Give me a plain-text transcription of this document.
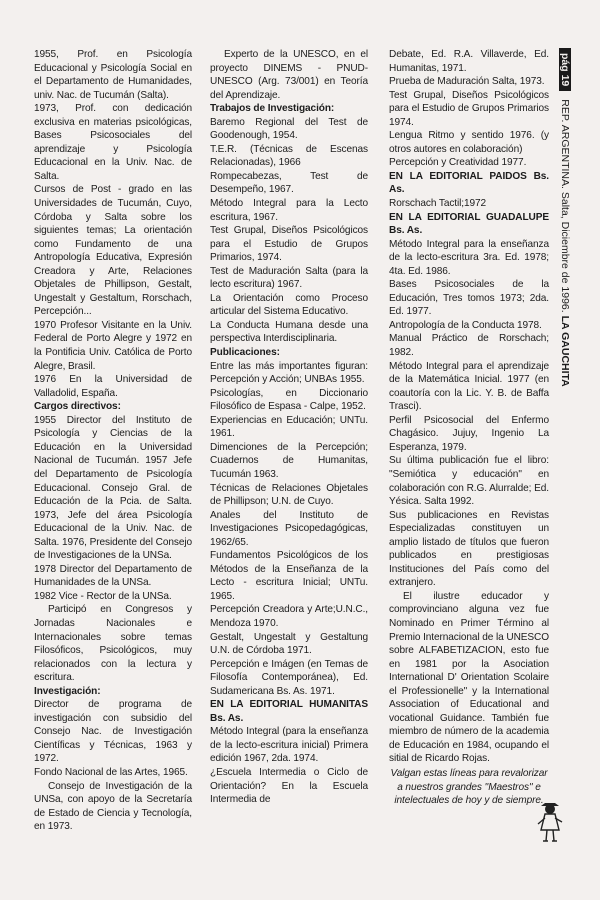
1955, Prof. en Psicología Educacional y Psicología Social en el Departamento de Humanidades, univ. Nac. de Tucumán (Salta).

1973, Prof. con dedicación exclusiva en materias psicológicas, Bases Psicosociales del aprendizaje y Psicología Educacional en la Univ. Nac. de Salta.

Cursos de Post - grado en las Universidades de Tucumán, Cuyo, Córdoba y Salta sobre los siguientes temas; La orientación como Fundamento de una Antropología Educativa, Expresión Creadora y Arte, Relaciones Objetales de Phillipson, Gestalt, Ungestalt y Gestaltum, Rorschach, Percepción...

1970 Profesor Visitante en la Univ. Federal de Porto Alegre y 1972 en la Pontificia Univ. Católica de Porto Alegre, Brasil.

1976 En la Universidad de Valladolid, España.

Cargos directivos:

1955 Director del Instituto de Psicología y Ciencias de la Educación en la Universidad Nacional de Tucumán. 1957 Jefe del Departamento de Psicología Educacional. Consejo Gral. de Educación de la Pcia. de Salta. 1973, Jefe del área Psicología Educacional de la Univ. Nac. de Salta. 1976, Presidente del Consejo de Investigaciones de la UNSa.

1978 Director del Departamento de Humanidades de la UNSa.

1982 Vice - Rector de la UNSa.

Participó en Congresos y Jornadas Nacionales e Internacionales sobre temas Filosóficos, Psicológicos, muy relacionados con la lectura y escritura.

Investigación:

Director de programa de investigación con subsidio del Consejo Nac. de Investigación Científicas y Técnicas, 1963 y 1972.

Fondo Nacional de las Artes, 1965.

Consejo de Investigación de la UNSa, con apoyo de la Secretaría de Estado de Ciencia y Tecnología, en 1973.

Experto de la UNESCO, en el proyecto DINEMS - PNUD- UNESCO (Arg. 73/001) en Teoría del Aprendizaje.

Trabajos de Investigación:

Baremo Regional del Test de Goodenough, 1954.

T.E.R. (Técnicas de Escenas Relacionadas), 1966

Rompecabezas, Test de Desempeño, 1967.

Método Integral para la Lecto escritura, 1967.

Test Grupal, Diseños Psicológicos para el Estudio de Grupos Primarios, 1974.

Test de Maduración Salta (para la lecto escritura) 1967.

La Orientación como Proceso articular del Sistema Educativo.

La Conducta Humana desde una perspectiva Interdisciplinaria.

Publicaciones:

Entre las más importantes figuran: Percepción y Acción; UNBAs 1955.

Psicologías, en Diccionario Filosófico de Espasa - Calpe, 1952.

Experiencias en Educación; UNTu. 1961.

Dimenciones de la Percepción; Cuadernos de Humanitas, Tucumán 1963.

Técnicas de Relaciones Objetales de Phillipson; U.N. de Cuyo.

Anales del Instituto de Investigaciones Psicopedagógicas, 1962/65.

Fundamentos Psicológicos de los Métodos de la Enseñanza de la Lecto - escritura Inicial; UNTu. 1965.

Percepción Creadora y Arte;U.N.C., Mendoza 1970.

Gestalt, Ungestalt y Gestaltung U.N. de Córdoba 1971.

Percepción e Imágen (en Temas de Filosofía Contemporánea), Ed. Sudamericana Bs. As. 1971.

EN LA EDITORIAL HUMANITAS Bs. As.

Método Integral (para la enseñanza de la lecto-escritura inicial) Primera edición 1967, 2da. 1974.

¿Escuela Intermedia o Ciclo de Orientación? En la Escuela Intermedia de

Debate, Ed. R.A. Villaverde, Ed. Humanitas, 1971.

Prueba de Maduración Salta, 1973.

Test Grupal, Diseños Psicológicos para el Estudio de Grupos Primarios 1974.

Lengua Ritmo y sentido 1976. (y otros autores en colaboración)

Percepción y Creatividad 1977.

EN LA EDITORIAL PAIDOS Bs. As.

Rorschach Tactil;1972

EN LA EDITORIAL GUADALUPE Bs. As.

Método Integral para la enseñanza de la lecto-escritura 3ra. Ed. 1978; 4ta. Ed. 1986.

Bases Psicosociales de la Educación, Tres tomos 1973; 2da. Ed. 1977.

Antropología de la Conducta 1978.

Manual Práctico de Rorschach; 1982.

Método Integral para el aprendizaje de la Matemática Inicial. 1977 (en coautoría con la Lic. Y. B. de Baffa Trasci).

Perfil Psicosocial del Enfermo Chagásico. Jujuy, Ingenio La Esperanza, 1979.

Su última publicación fue el libro: "Semiótica y educación" en colaboración con R.G. Alurralde; Ed. Yésica. Salta 1992.

Sus publicaciones en Revistas Especializadas constituyen un amplio listado de títulos que fueron publicados en prestigiosas Instituciones del País como del extranjero.

El ilustre educador y comprovinciano alguna vez fue Nominado en Primer Término al Premio Internacional de la UNESCO sobre ALFABETIZACION, esto fue en 1981 por la Asociation International D' Orientation Scolaire el Professionelle" y la International Association of Educational and vocational Guidance. También fue miembro de número de la academia de Educación en 1984, ocupando el sitial de Ricardo Rojas.

Valgan estas líneas para revalorizar a nuestros grandes ''Maestros'' e intelectuales de hoy y de siempre.

pág 19REP. ARGENTINA. Salta, Diciembre de 1996. LA GAUCHITA
